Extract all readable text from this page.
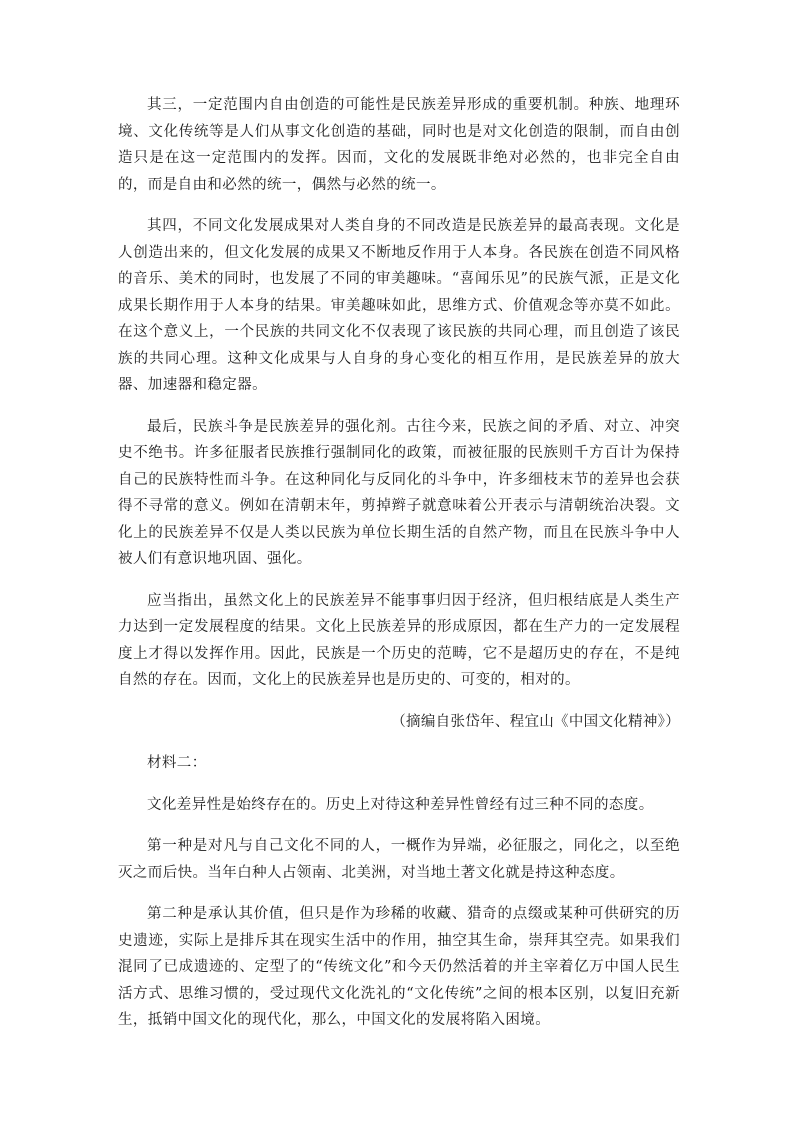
其三，一定范围内自由创造的可能性是民族差异形成的重要机制。种族、地理环境、文化传统等是人们从事文化创造的基础，同时也是对文化创造的限制，而自由创造只是在这一定范围内的发挥。因而，文化的发展既非绝对必然的，也非完全自由的，而是自由和必然的统一，偶然与必然的统一。

其四，不同文化发展成果对人类自身的不同改造是民族差异的最高表现。文化是人创造出来的，但文化发展的成果又不断地反作用于人本身。各民族在创造不同风格的音乐、美术的同时，也发展了不同的审美趣味。“喜闻乐见”的民族气派，正是文化成果长期作用于人本身的结果。审美趣味如此，思维方式、价值观念等亦莫不如此。在这个意义上，一个民族的共同文化不仅表现了该民族的共同心理，而且创造了该民族的共同心理。这种文化成果与人自身的身心变化的相互作用，是民族差异的放大器、加速器和稳定器。

最后，民族斗争是民族差异的强化剂。古往今来，民族之间的矛盾、对立、冲突史不绝书。许多征服者民族推行强制同化的政策，而被征服的民族则千方百计为保持自己的民族特性而斗争。在这种同化与反同化的斗争中，许多细枝末节的差异也会获得不寻常的意义。例如在清朝末年，剪掉辫子就意味着公开表示与清朝统治决裂。文化上的民族差异不仅是人类以民族为单位长期生活的自然产物，而且在民族斗争中人被人们有意识地巩固、强化。

应当指出，虽然文化上的民族差异不能事事归因于经济，但归根结底是人类生产力达到一定发展程度的结果。文化上民族差异的形成原因，都在生产力的一定发展程度上才得以发挥作用。因此，民族是一个历史的范畴，它不是超历史的存在，不是纯自然的存在。因而，文化上的民族差异也是历史的、可变的，相对的。

（摘编自张岱年、程宜山《中国文化精神》）

材料二：

文化差异性是始终存在的。历史上对待这种差异性曾经有过三种不同的态度。

第一种是对凡与自己文化不同的人，一概作为异端，必征服之，同化之，以至绝灭之而后快。当年白种人占领南、北美洲，对当地土著文化就是持这种态度。

第二种是承认其价值，但只是作为珍稀的收藏、猎奇的点缀或某种可供研究的历史遗迹，实际上是排斥其在现实生活中的作用，抽空其生命，崇拜其空壳。如果我们混同了已成遗迹的、定型了的“传统文化”和今天仍然活着的并主宰着亿万中国人民生活方式、思维习惯的，受过现代文化洗礼的“文化传统”之间的根本区别，以复旧充新生，抵销中国文化的现代化，那么，中国文化的发展将陷入困境。
